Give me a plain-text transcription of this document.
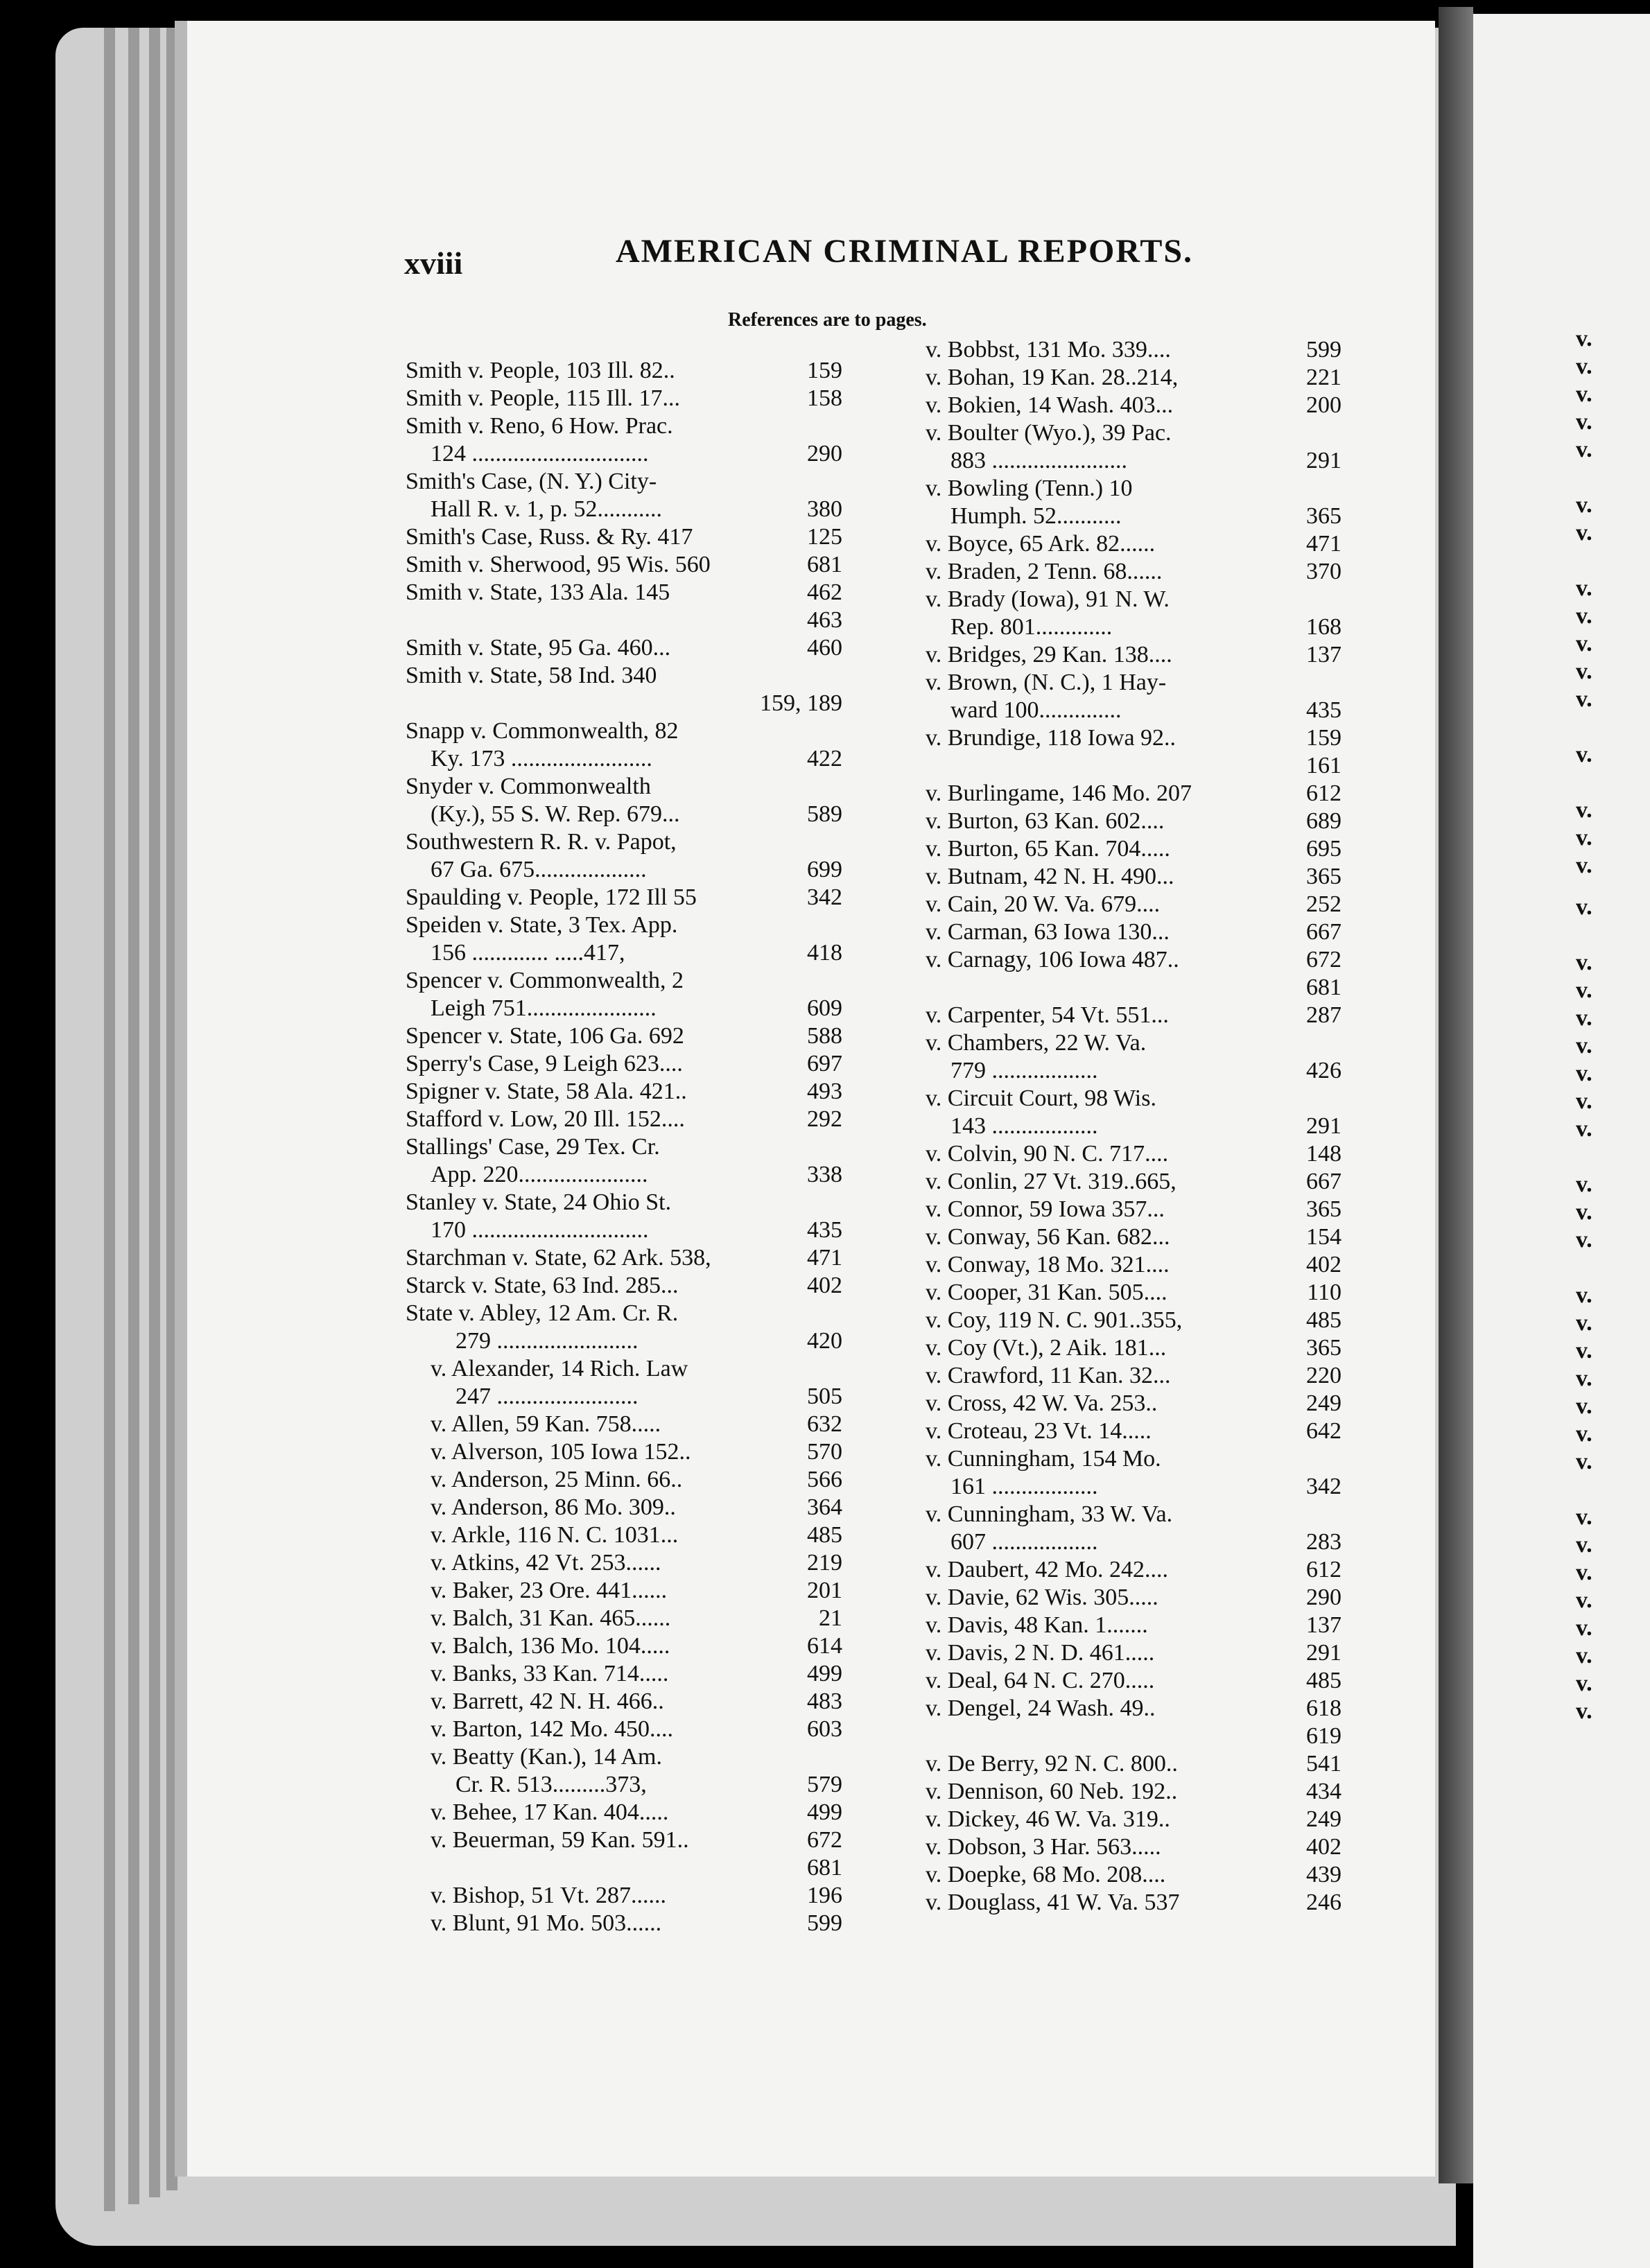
v.
v.
v.
v.
v.
v.
v.
v.
v.
v.
v.
v.
v.
v.
v.
v.
v.
v.
v.
v.
v.
v.
v.
v.
v.
v.
v.
v.
v.
v.
v.
v.
v.
v.
v.
v.
v.
v.
v.
v.
v.
v.
xviii	AMERICAN CRIMINAL REPORTS.
References are to pages.
Smith v. People, 103 Ill. 82..	159
Smith v. People, 115 Ill. 17...	158
Smith v. Reno, 6 How. Prac.
124 ..............................	290
Smith's Case, (N. Y.) City-
Hall R. v. 1, p. 52...........	380
Smith's Case, Russ. & Ry. 417	125
Smith v. Sherwood, 95 Wis. 560	681
Smith v. State, 133 Ala. 145	462
463
Smith v. State, 95 Ga. 460...	460
Smith v. State, 58 Ind. 340
159, 189
Snapp v. Commonwealth, 82
Ky. 173 ........................	422
Snyder v. Commonwealth
(Ky.), 55 S. W. Rep. 679...	589
Southwestern R. R. v. Papot,
67 Ga. 675...................	699
Spaulding v. People, 172 Ill 55	342
Speiden v. State, 3 Tex. App.
156 ............. .....417,	418
Spencer v. Commonwealth, 2
Leigh 751......................	609
Spencer v. State, 106 Ga. 692	588
Sperry's Case, 9 Leigh 623....	697
Spigner v. State, 58 Ala. 421..	493
Stafford v. Low, 20 Ill. 152....	292
Stallings' Case, 29 Tex. Cr.
App. 220......................	338
Stanley v. State, 24 Ohio St.
170 ..............................	435
Starchman v. State, 62 Ark. 538,	471
Starck v. State, 63 Ind. 285...	402
State v. Abley, 12 Am. Cr. R.
279 ........................	420
v. Alexander, 14 Rich. Law
247 ........................	505
v. Allen, 59 Kan. 758.....	632
v. Alverson, 105 Iowa 152..	570
v. Anderson, 25 Minn. 66..	566
v. Anderson, 86 Mo. 309..	364
v. Arkle, 116 N. C. 1031...	485
v. Atkins, 42 Vt. 253......	219
v. Baker, 23 Ore. 441......	201
v. Balch, 31 Kan. 465......	21
v. Balch, 136 Mo. 104.....	614
v. Banks, 33 Kan. 714.....	499
v. Barrett, 42 N. H. 466..	483
v. Barton, 142 Mo. 450....	603
v. Beatty (Kan.), 14 Am.
Cr. R. 513.........373,	579
v. Behee, 17 Kan. 404.....	499
v. Beuerman, 59 Kan. 591..	672
681
v. Bishop, 51 Vt. 287......	196
v. Blunt, 91 Mo. 503......	599
v. Bobbst, 131 Mo. 339....	599
v. Bohan, 19 Kan. 28..214,	221
v. Bokien, 14 Wash. 403...	200
v. Boulter (Wyo.), 39 Pac.
883 .......................	291
v. Bowling (Tenn.) 10
Humph. 52...........	365
v. Boyce, 65 Ark. 82......	471
v. Braden, 2 Tenn. 68......	370
v. Brady (Iowa), 91 N. W.
Rep. 801.............	168
v. Bridges, 29 Kan. 138....	137
v. Brown, (N. C.), 1 Hay-
ward 100..............	435
v. Brundige, 118 Iowa 92..	159
161
v. Burlingame, 146 Mo. 207	612
v. Burton, 63 Kan. 602....	689
v. Burton, 65 Kan. 704.....	695
v. Butnam, 42 N. H. 490...	365
v. Cain, 20 W. Va. 679....	252
v. Carman, 63 Iowa 130...	667
v. Carnagy, 106 Iowa 487..	672
681
v. Carpenter, 54 Vt. 551...	287
v. Chambers, 22 W. Va.
779 ..................	426
v. Circuit Court, 98 Wis.
143 ..................	291
v. Colvin, 90 N. C. 717....	148
v. Conlin, 27 Vt. 319..665,	667
v. Connor, 59 Iowa 357...	365
v. Conway, 56 Kan. 682...	154
v. Conway, 18 Mo. 321....	402
v. Cooper, 31 Kan. 505....	110
v. Coy, 119 N. C. 901..355,	485
v. Coy (Vt.), 2 Aik. 181...	365
v. Crawford, 11 Kan. 32...	220
v. Cross, 42 W. Va. 253..	249
v. Croteau, 23 Vt. 14.....	642
v. Cunningham, 154 Mo.
161 ..................	342
v. Cunningham, 33 W. Va.
607 ..................	283
v. Daubert, 42 Mo. 242....	612
v. Davie, 62 Wis. 305.....	290
v. Davis, 48 Kan. 1.......	137
v. Davis, 2 N. D. 461.....	291
v. Deal, 64 N. C. 270.....	485
v. Dengel, 24 Wash. 49..	618
619
v. De Berry, 92 N. C. 800..	541
v. Dennison, 60 Neb. 192..	434
v. Dickey, 46 W. Va. 319..	249
v. Dobson, 3 Har. 563.....	402
v. Doepke, 68 Mo. 208....	439
v. Douglass, 41 W. Va. 537	246
